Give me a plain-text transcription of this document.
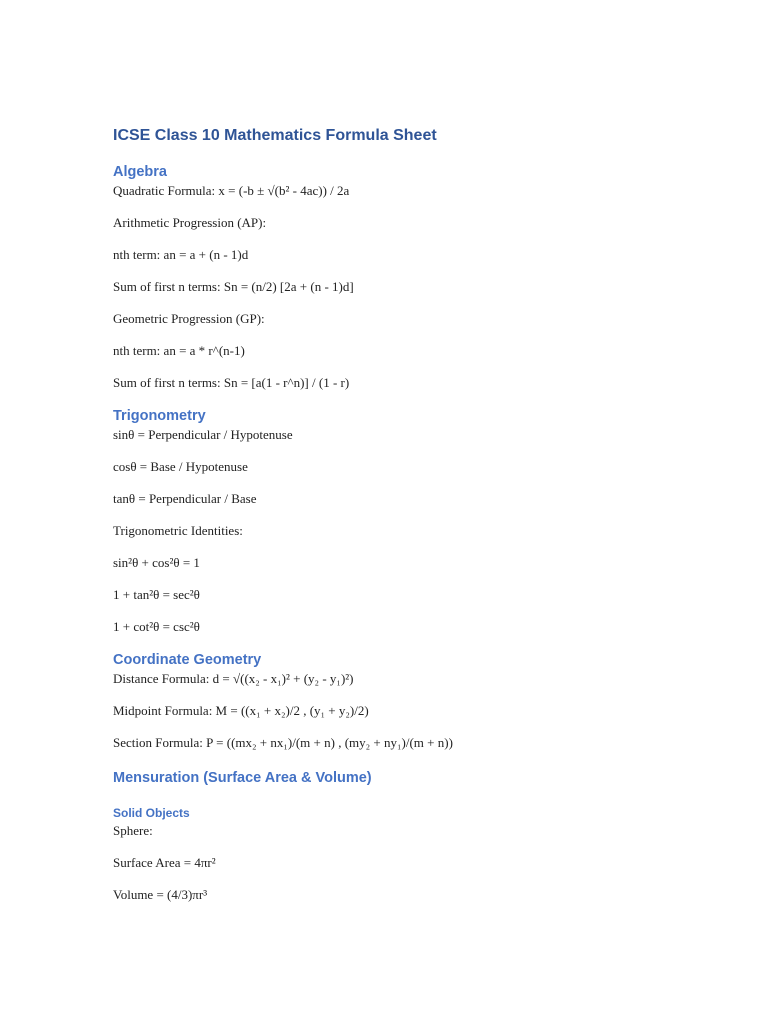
ICSE Class 10 Mathematics Formula Sheet
Algebra

Quadratic Formula: x = (-b ± √(b² - 4ac)) / 2a

Arithmetic Progression (AP):

nth term: an = a + (n - 1)d

Sum of first n terms: Sn = (n/2) [2a + (n - 1)d]

Geometric Progression (GP):

nth term: an = a * r^(n-1)

Sum of first n terms: Sn = [a(1 - r^n)] / (1 - r)

Trigonometry

sinθ = Perpendicular / Hypotenuse

cosθ = Base / Hypotenuse

tanθ = Perpendicular / Base

Trigonometric Identities:

sin²θ + cos²θ = 1

1 + tan²θ = sec²θ

1 + cot²θ = csc²θ

Coordinate Geometry

Distance Formula: d = √((x₂ - x₁)² + (y₂ - y₁)²)

Midpoint Formula: M = ((x₁ + x₂)/2 , (y₁ + y₂)/2)

Section Formula: P = ((mx₂ + nx₁)/(m + n) , (my₂ + ny₁)/(m + n))

Mensuration (Surface Area & Volume)
Solid Objects

Sphere:

Surface Area = 4πr²

Volume = (4/3)πr³
